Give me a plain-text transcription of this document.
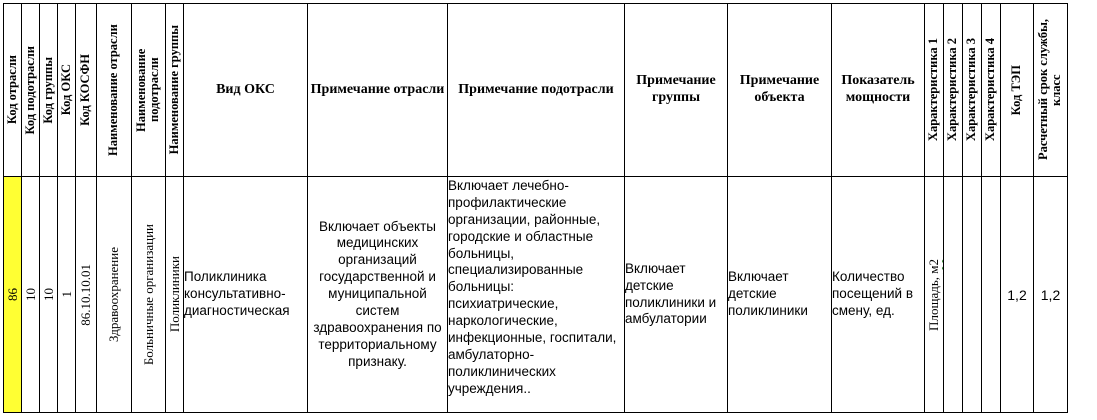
Код отрасли	Код подотрасли	Код группы	Код ОКС	Код КОСФН	Наименование отрасли	Наименование подотрасли	Наименование группы	Вид ОКС	Примечание отрасли	Примечание подотрасли	Примечание группы	Примечание объекта	Показатель мощности	Характеристика 1	Характеристика 2	Характеристика 3	Характеристика 4	Код ТЭП	Расчетный срок службы, класс

86	10	10	1	86.10.10.01	Здравоохранение	Больничные организации	Поликлиники	Поликлиника консультативно-диагностическая	Включает объекты медицинских организаций государственной и муниципальной систем здравоохранения по территориальному признаку.	Включает лечебно-профилактические организации, районные, городские и областные больницы, специализированные больницы: психиатрические, наркологические, инфекционные, госпитали, амбулаторно-поликлинических учреждения..	Включает детские поликлиники и амбулатории	Включает детские поликлиники	Количество посещений в смену, ед.	Площадь, м2				1,2	1,2
